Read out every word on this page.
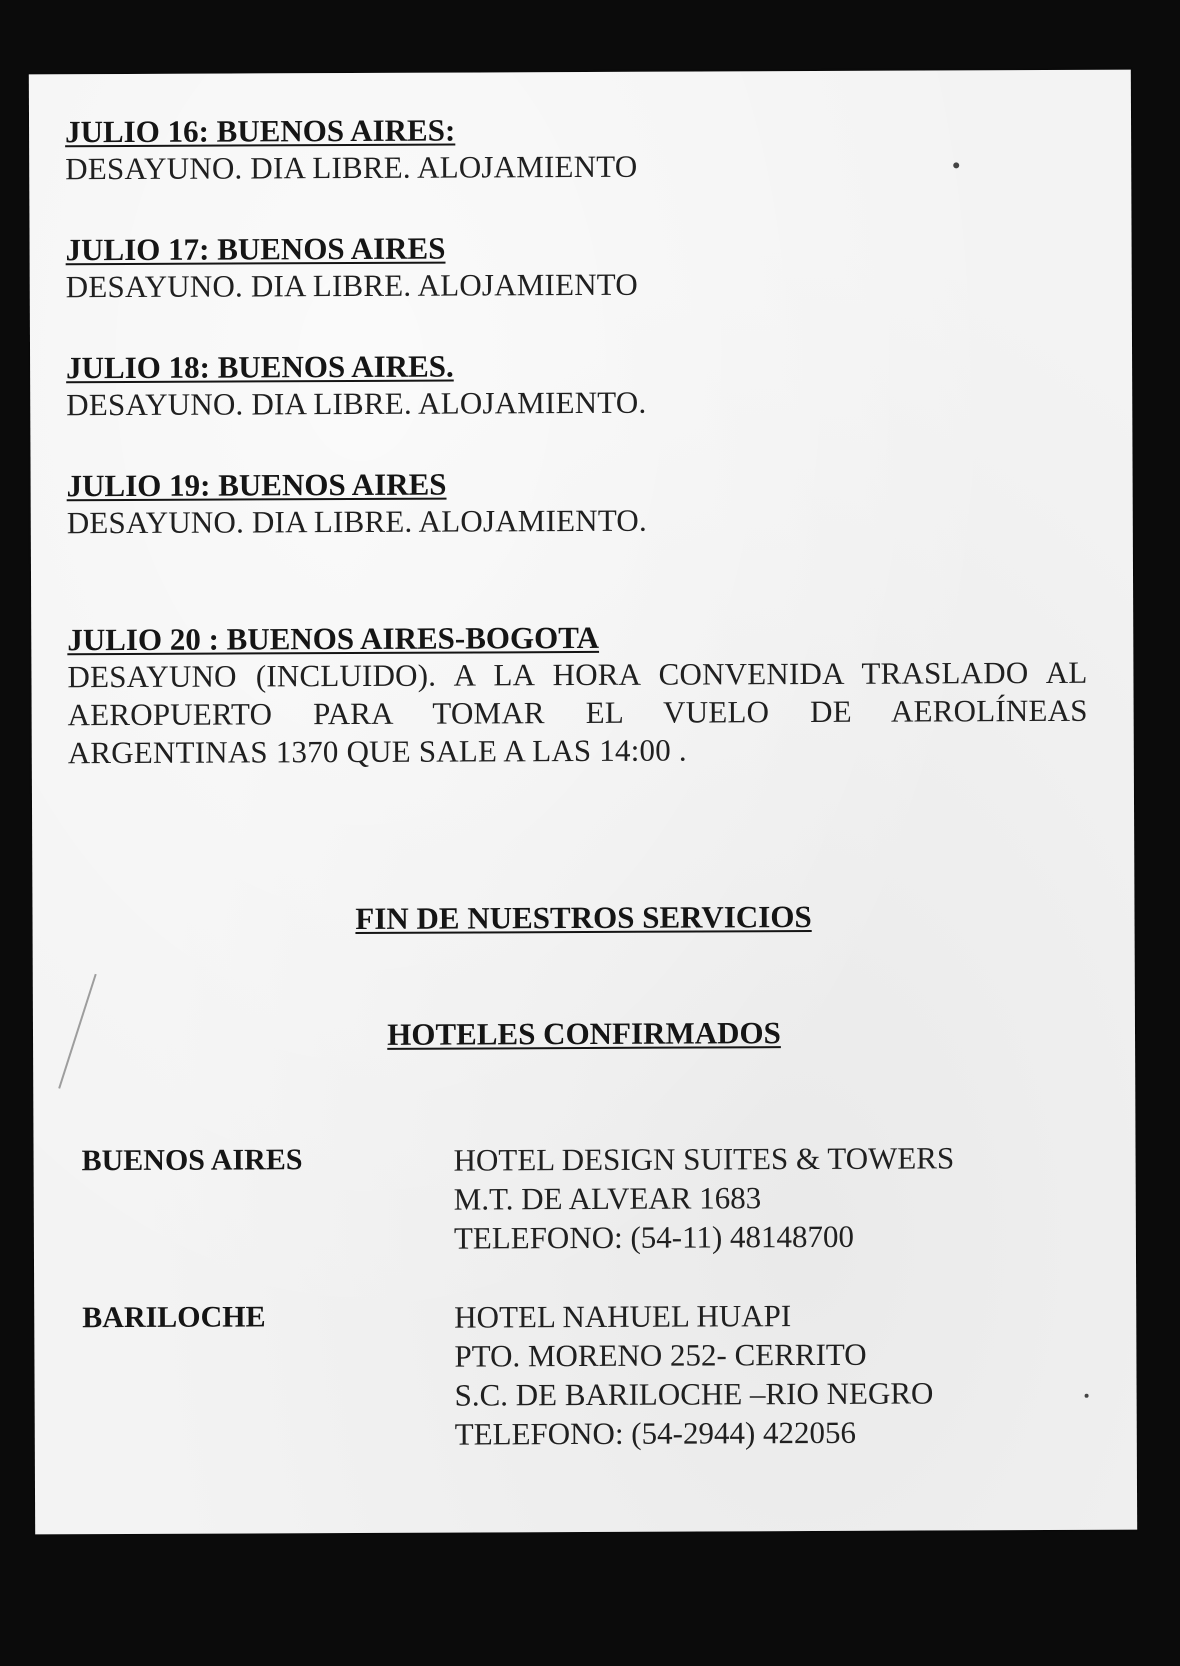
JULIO 16: BUENOS AIRES:
DESAYUNO. DIA LIBRE. ALOJAMIENTO
JULIO 17: BUENOS AIRES
DESAYUNO. DIA LIBRE. ALOJAMIENTO
JULIO 18: BUENOS AIRES.
DESAYUNO. DIA LIBRE. ALOJAMIENTO.
JULIO 19: BUENOS AIRES
DESAYUNO. DIA LIBRE. ALOJAMIENTO.
JULIO 20 : BUENOS AIRES-BOGOTA
DESAYUNO (INCLUIDO). A LA HORA CONVENIDA TRASLADO AL AEROPUERTO PARA TOMAR EL VUELO DE AEROLÍNEAS ARGENTINAS 1370 QUE SALE A LAS 14:00 .

FIN DE NUESTROS SERVICIOS

HOTELES CONFIRMADOS

BUENOS AIRES	HOTEL DESIGN SUITES & TOWERS
M.T. DE ALVEAR 1683
TELEFONO: (54-11) 48148700
BARILOCHE	HOTEL NAHUEL HUAPI
PTO. MORENO 252- CERRITO
S.C. DE BARILOCHE –RIO NEGRO
TELEFONO: (54-2944) 422056
